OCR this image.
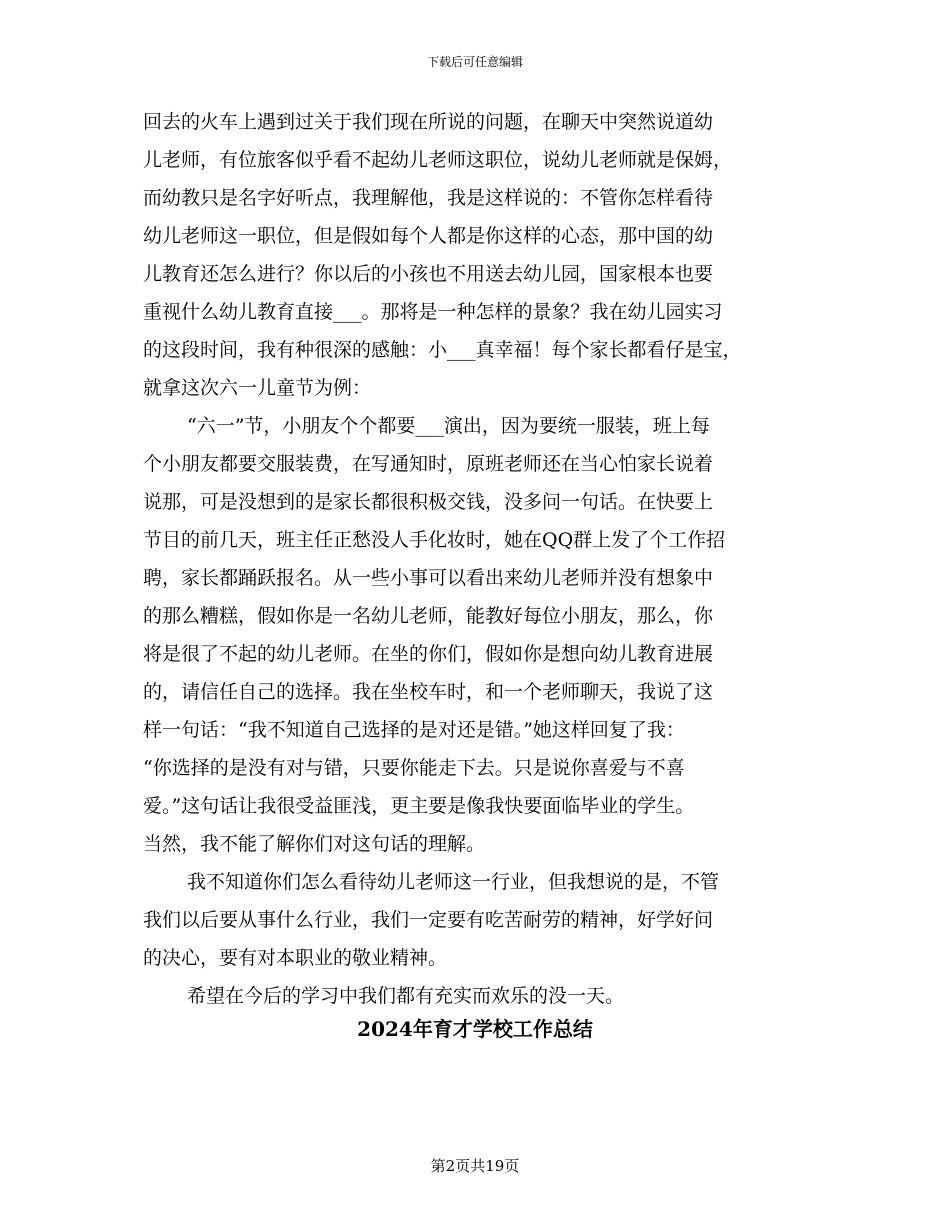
下载后可任意编辑
回去的火车上遇到过关于我们现在所说的问题，在聊天中突然说道幼
儿老师，有位旅客似乎看不起幼儿老师这职位，说幼儿老师就是保姆，
而幼教只是名字好听点，我理解他，我是这样说的：不管你怎样看待
幼儿老师这一职位，但是假如每个人都是你这样的心态，那中国的幼
儿教育还怎么进行？你以后的小孩也不用送去幼儿园，国家根本也要
重视什么幼儿教育直接___。那将是一种怎样的景象？我在幼儿园实习
的这段时间，我有种很深的感触：小___真幸福！每个家长都看仔是宝，
就拿这次六一儿童节为例：
“六一”节，小朋友个个都要___演出，因为要统一服装，班上每
个小朋友都要交服装费，在写通知时，原班老师还在当心怕家长说着
说那，可是没想到的是家长都很积极交钱，没多问一句话。在快要上
节目的前几天，班主任正愁没人手化妆时，她在QQ群上发了个工作招
聘，家长都踊跃报名。从一些小事可以看出来幼儿老师并没有想象中
的那么糟糕，假如你是一名幼儿老师，能教好每位小朋友，那么，你
将是很了不起的幼儿老师。在坐的你们，假如你是想向幼儿教育进展
的，请信任自己的选择。我在坐校车时，和一个老师聊天，我说了这
样一句话：“我不知道自己选择的是对还是错。”她这样回复了我：
“你选择的是没有对与错，只要你能走下去。只是说你喜爱与不喜
爱。”这句话让我很受益匪浅，更主要是像我快要面临毕业的学生。
当然，我不能了解你们对这句话的理解。
我不知道你们怎么看待幼儿老师这一行业，但我想说的是，不管
我们以后要从事什么行业，我们一定要有吃苦耐劳的精神，好学好问
的决心，要有对本职业的敬业精神。
希望在今后的学习中我们都有充实而欢乐的没一天。
2024年育才学校工作总结
第2页共19页
